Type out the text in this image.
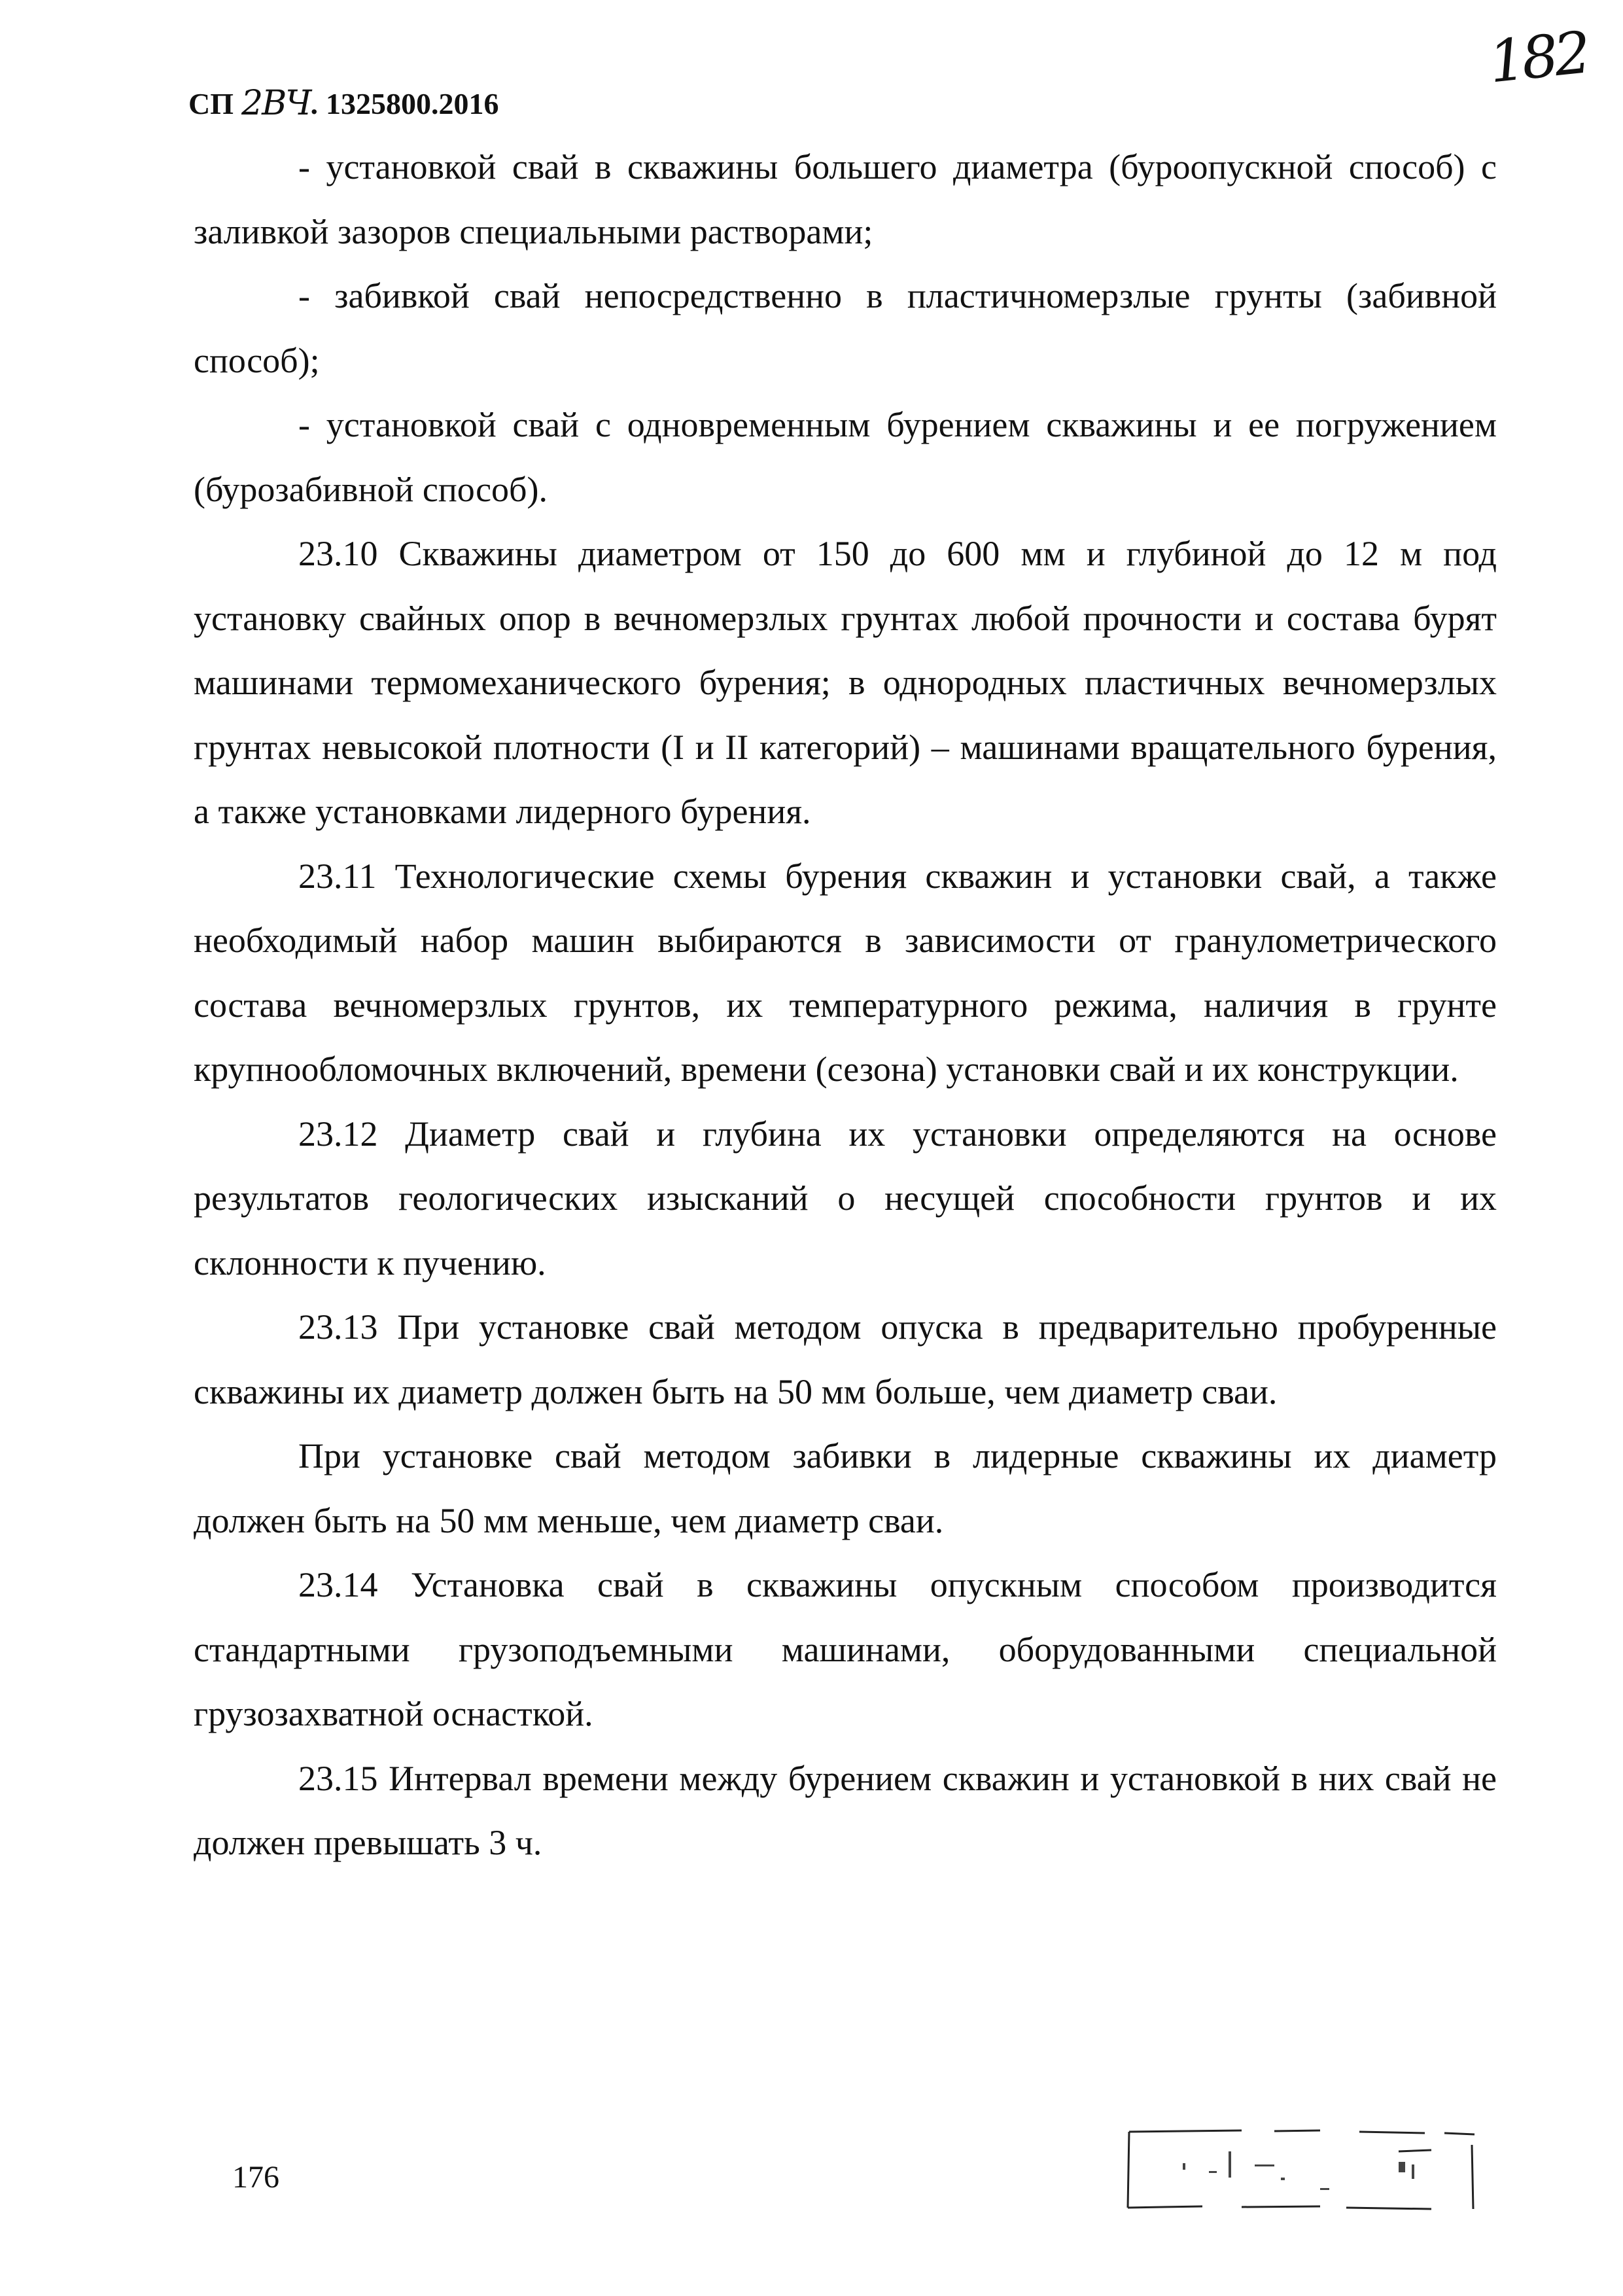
СП 2ВЧ . 1325800.2016
182

- установкой свай в скважины большего диаметра (буроопускной способ) с заливкой зазоров специальными растворами;

- забивкой свай непосредственно в пластичномерзлые грунты (забивной способ);

- установкой свай с одновременным бурением скважины и ее погружением (бурозабивной способ).

23.10 Скважины диаметром от 150 до 600 мм и глубиной до 12 м под установку свайных опор в вечномерзлых грунтах любой прочности и состава бурят машинами термомеханического бурения; в однородных пластичных вечномерзлых грунтах невысокой плотности (I и II категорий) – машинами вращательного бурения, а также установками лидерного бурения.

23.11 Технологические схемы бурения скважин и установки свай, а также необходимый набор машин выбираются в зависимости от гранулометрического состава вечномерзлых грунтов, их температурного режима, наличия в грунте крупнообломочных включений, времени (сезона) установки свай и их конструкции.

23.12 Диаметр свай и глубина их установки определяются на основе результатов геологических изысканий о несущей способности грунтов и их склонности к пучению.

23.13 При установке свай методом опуска в предварительно пробуренные скважины их диаметр должен быть на 50 мм больше, чем диаметр сваи.

При установке свай методом забивки в лидерные скважины их диаметр должен быть на 50 мм меньше, чем диаметр сваи.

23.14 Установка свай в скважины опускным способом производится стандартными грузоподъемными машинами, оборудованными специальной грузозахватной оснасткой.

23.15 Интервал времени между бурением скважин и установкой в них свай не должен превышать 3 ч.

176
